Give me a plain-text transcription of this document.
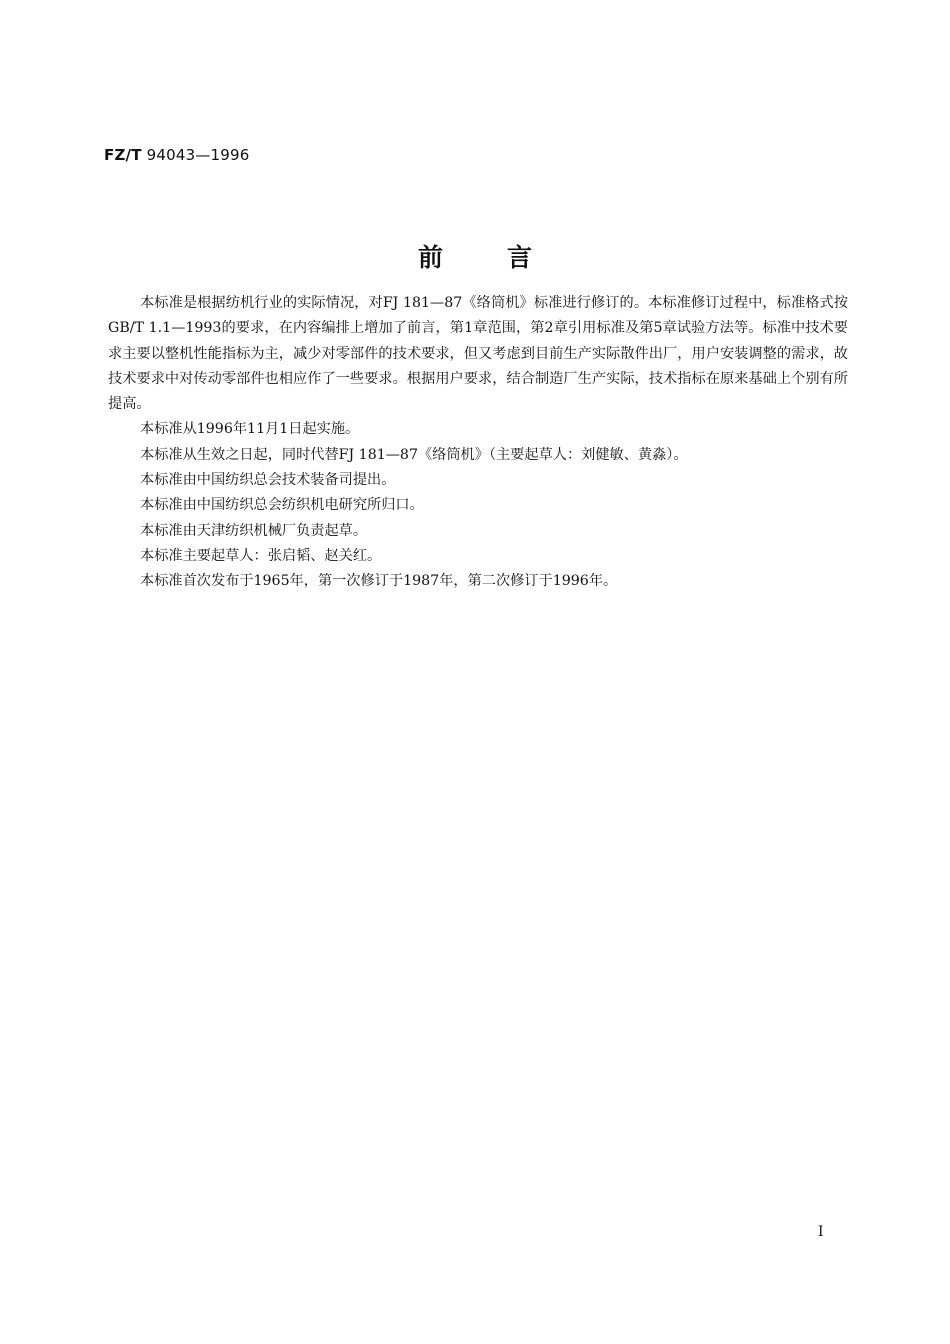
FZ/T 94043—1996
前言

本标准是根据纺机行业的实际情况，对FJ 181—87《络筒机》标准进行修订的。本标准修订过程中，标准格式按GB/T 1.1—1993的要求，在内容编排上增加了前言，第1章范围，第2章引用标准及第5章试验方法等。标准中技术要求主要以整机性能指标为主，减少对零部件的技术要求，但又考虑到目前生产实际散件出厂，用户安装调整的需求，故技术要求中对传动零部件也相应作了一些要求。根据用户要求，结合制造厂生产实际，技术指标在原来基础上个别有所提高。

本标准从1996年11月1日起实施。

本标准从生效之日起，同时代替FJ 181—87《络筒机》（主要起草人：刘健敏、黄淼）。

本标准由中国纺织总会技术装备司提出。

本标准由中国纺织总会纺织机电研究所归口。

本标准由天津纺织机械厂负责起草。

本标准主要起草人：张启韬、赵关红。

本标准首次发布于1965年，第一次修订于1987年，第二次修订于1996年。

I
